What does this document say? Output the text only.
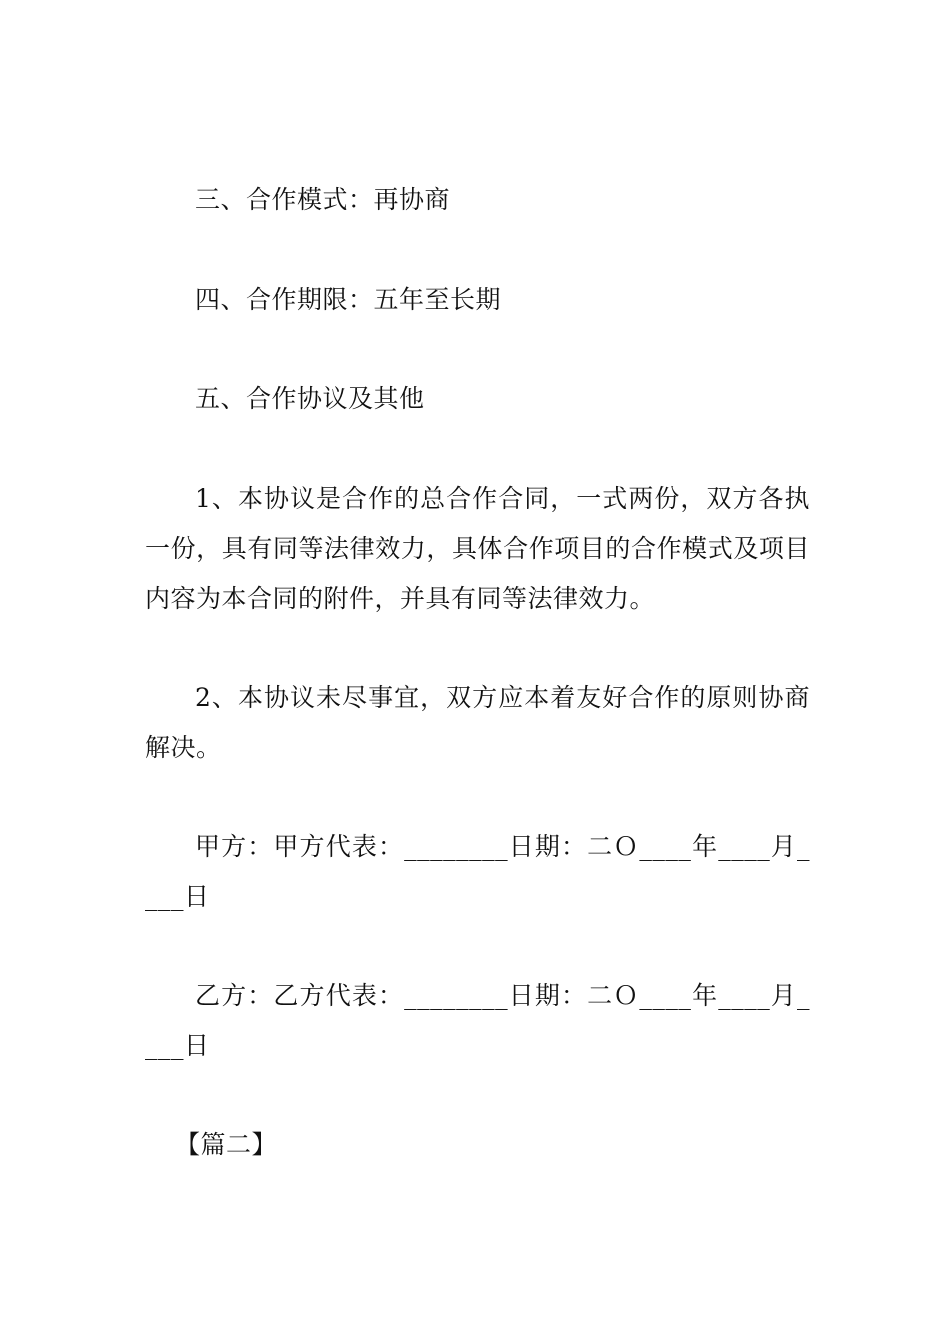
三、合作模式：再协商
四、合作期限：五年至长期
五、合作协议及其他
1、本协议是合作的总合作合同，一式两份，双方各执一份，具有同等法律效力，具体合作项目的合作模式及项目内容为本合同的附件，并具有同等法律效力。
2、本协议未尽事宜，双方应本着友好合作的原则协商解决。
甲方：甲方代表：________日期：二Ｏ____年____月____日
乙方：乙方代表：________日期：二Ｏ____年____月____日
【篇二】
